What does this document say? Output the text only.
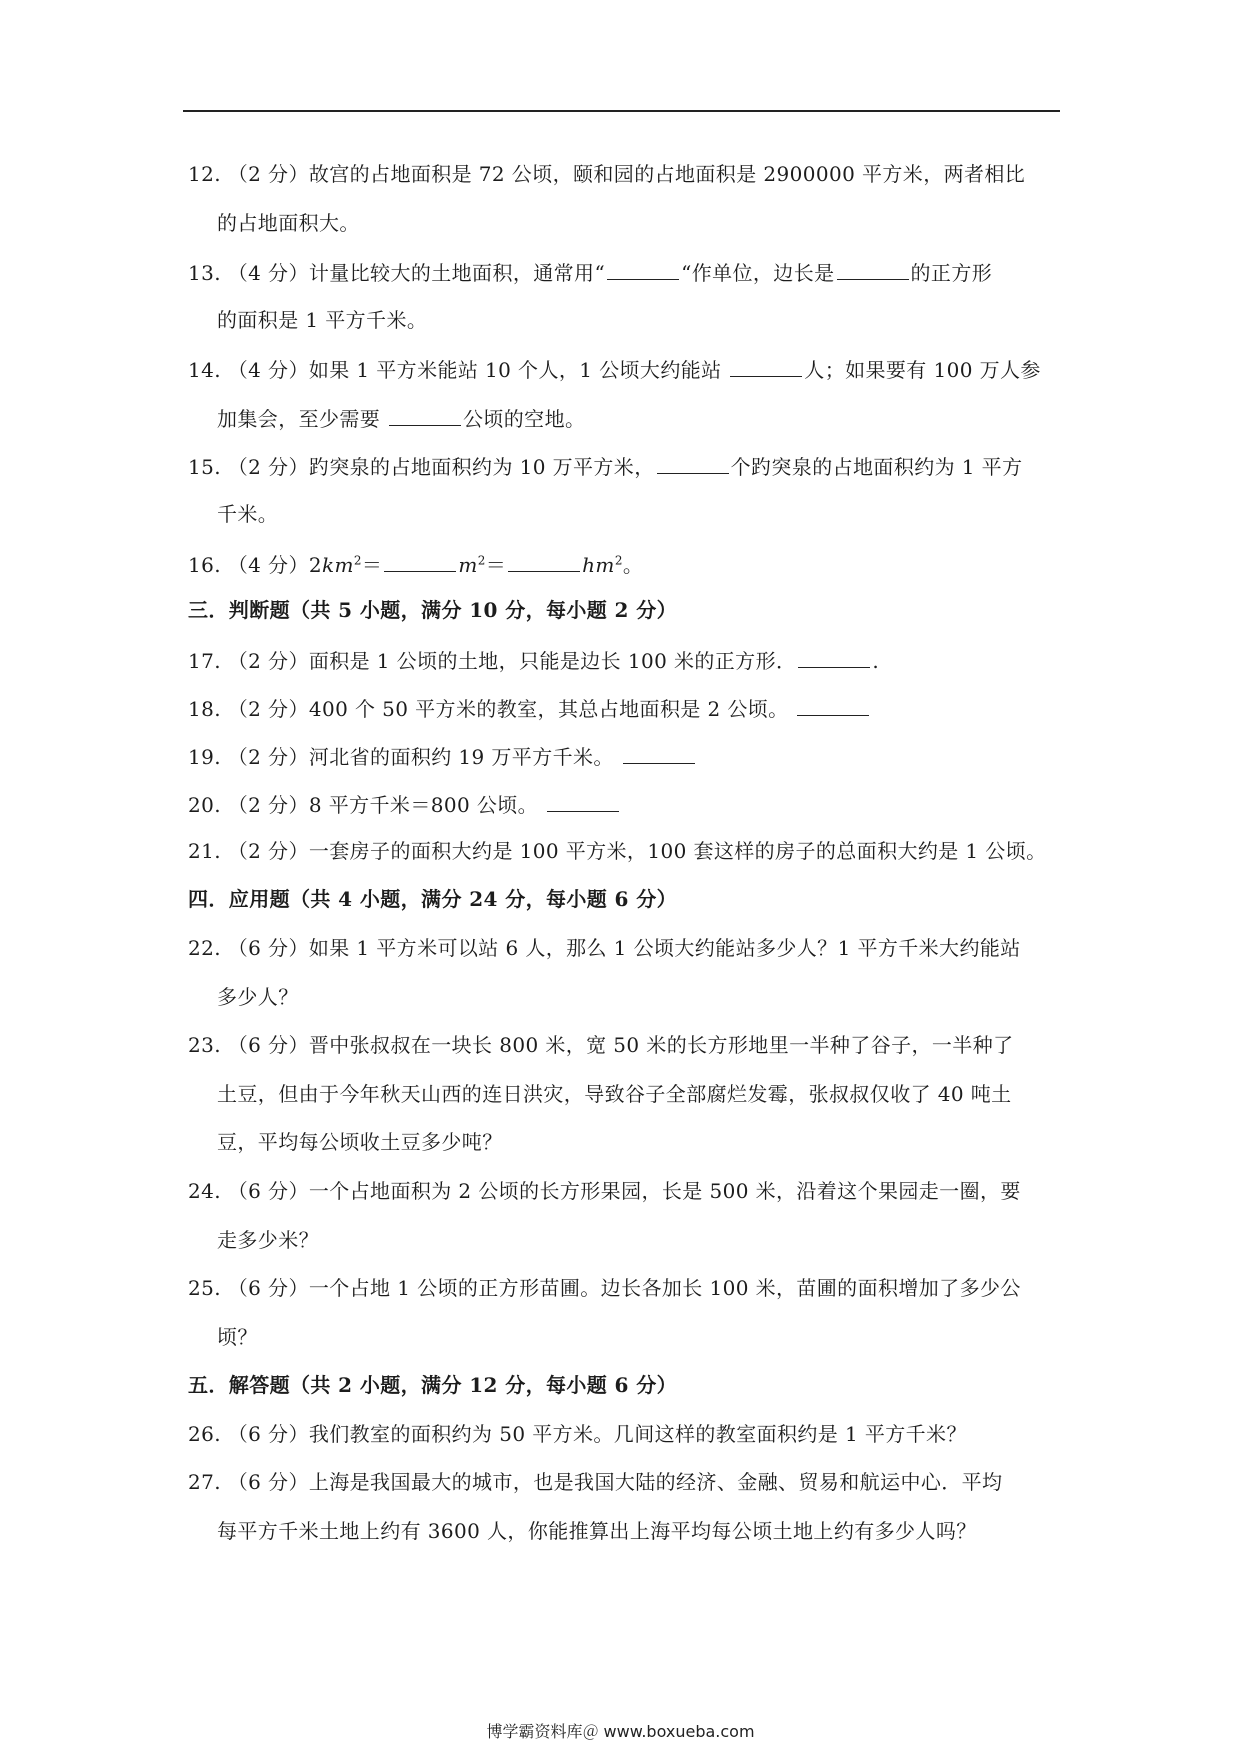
12. （2 分）故宫的占地面积是 72 公顷，颐和园的占地面积是 2900000 平方米，两者相比
的占地面积大。
13. （4 分）计量比较大的土地面积，通常用“	“作单位，边长是	的正方形
的面积是 1 平方千米。
14. （4 分）如果 1 平方米能站 10 个人，1 公顷大约能站	人；如果要有 100 万人参
加集会，至少需要	公顷的空地。
15. （2 分）趵突泉的占地面积约为 10 万平方米，	个趵突泉的占地面积约为 1 平方
千米。
16. （4 分）$2km^2=$	$m^2=$	$hm^2$。
三．判断题（共 5 小题，满分 10 分，每小题 2 分）
17. （2 分）面积是 1 公顷的土地，只能是边长 100 米的正方形．	.
18. （2 分）400 个 50 平方米的教室，其总占地面积是 2 公顷。
19. （2 分）河北省的面积约 19 万平方千米。
20. （2 分）8 平方千米＝800 公顷。
21. （2 分）一套房子的面积大约是 100 平方米，100 套这样的房子的总面积大约是 1 公顷。
四．应用题（共 4 小题，满分 24 分，每小题 6 分）
22. （6 分）如果 1 平方米可以站 6 人，那么 1 公顷大约能站多少人？1 平方千米大约能站
多少人？
23. （6 分）晋中张叔叔在一块长 800 米，宽 50 米的长方形地里一半种了谷子，一半种了
土豆，但由于今年秋天山西的连日洪灾，导致谷子全部腐烂发霉，张叔叔仅收了 40 吨土
豆，平均每公顷收土豆多少吨？
24. （6 分）一个占地面积为 2 公顷的长方形果园，长是 500 米，沿着这个果园走一圈，要
走多少米？
25. （6 分）一个占地 1 公顷的正方形苗圃。边长各加长 100 米，苗圃的面积增加了多少公
顷？
五．解答题（共 2 小题，满分 12 分，每小题 6 分）
26. （6 分）我们教室的面积约为 50 平方米。几间这样的教室面积约是 1 平方千米？
27. （6 分）上海是我国最大的城市，也是我国大陆的经济、金融、贸易和航运中心．平均
每平方千米土地上约有 3600 人，你能推算出上海平均每公顷土地上约有多少人吗？
博学霸资料库＠ www.boxueba.com
